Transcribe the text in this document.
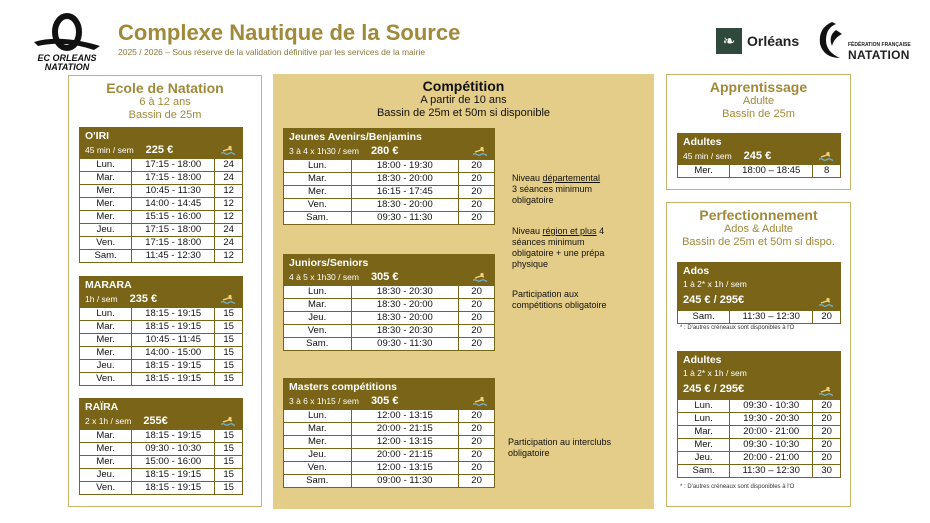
EC ORLEANS NATATION
Complexe Nautique de la Source
2025 / 2026 – Sous réserve de la validation définitive par les services de la mairie
❧ Orléans	FÉDÉRATION FRANÇAISE
NATATION
Ecole de Natation
6 à 12 ans
Bassin de 25m
O'IRI
45 min / sem 225 €
Lun.	17:15 - 18:00	24
Mar.	17:15 - 18:00	24
Mer.	10:45 - 11:30	12
Mer.	14:00 - 14:45	12
Mer.	15:15 - 16:00	12
Jeu.	17:15 - 18:00	24
Ven.	17:15 - 18:00	24
Sam.	11:45 - 12:30	12
MARARA
1h / sem 235 €
Lun.	18:15 - 19:15	15
Mar.	18:15 - 19:15	15
Mer.	10:45 - 11:45	15
Mer.	14:00 - 15:00	15
Jeu.	18:15 - 19:15	15
Ven.	18:15 - 19:15	15
RAÏRA
2 x 1h / sem 255€
Mar.	18:15 - 19:15	15
Mer.	09:30 - 10:30	15
Mer.	15:00 - 16:00	15
Jeu.	18:15 - 19:15	15
Ven.	18:15 - 19:15	15
Compétition
A partir de 10 ans
Bassin de 25m et 50m si disponible
Jeunes Avenirs/Benjamins
3 à 4 x 1h30 / sem 280 €
Lun.	18:00 - 19:30	20
Mar.	18:30 - 20:00	20
Mer.	16:15 - 17:45	20
Ven.	18:30 - 20:00	20
Sam.	09:30 - 11:30	20
Juniors/Seniors
4 à 5 x 1h30 / sem 305 €
Lun.	18:30 - 20:30	20
Mar.	18:30 - 20:00	20
Jeu.	18:30 - 20:00	20
Ven.	18:30 - 20:30	20
Sam.	09:30 - 11:30	20
Masters compétitions
3 à 6 x 1h15 / sem 305 €
Lun.	12:00 - 13:15	20
Mar.	20:00 - 21:15	20
Mer.	12:00 - 13:15	20
Jeu.	20:00 - 21:15	20
Ven.	12:00 - 13:15	20
Sam.	09:00 - 11:30	20
Niveau départemental
3 séances minimum
obligatoire
Niveau région et plus 4
séances minimum
obligatoire + une prépa
physique
Participation aux
compétitions obligatoire
Participation au interclubs
obligatoire
Apprentissage
Adulte
Bassin de 25m
Adultes
45 min / sem 245 €
Mer.	18:00 – 18:45	8
Perfectionnement
Ados & Adulte
Bassin de 25m et 50m si dispo.
Ados
1 à 2* x 1h / sem
245 € / 295€
Sam.	11:30 – 12:30	20
* : D'autres créneaux sont disponibles à l'O
Adultes
1 à 2* x 1h / sem
245 € / 295€
Lun.	09:30 - 10:30	20
Lun.	19:30 - 20:30	20
Mar.	20:00 - 21:00	20
Mer.	09:30 - 10:30	20
Jeu.	20:00 - 21:00	20
Sam.	11:30 – 12:30	30
* : D'autres créneaux sont disponibles à l'O
